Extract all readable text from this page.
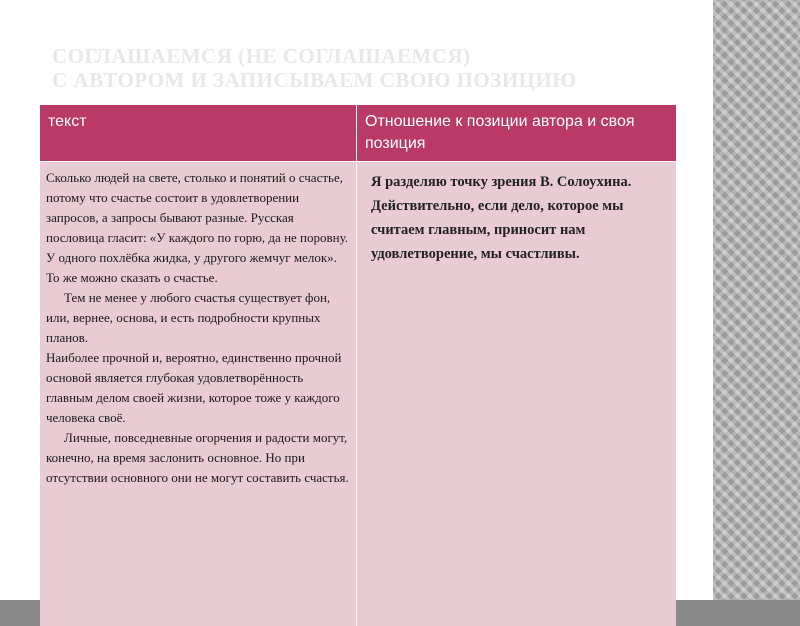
СОГЛАШАЕМСЯ (НЕ СОГЛАШАЕМСЯ)
С АВТОРОМ И ЗАПИСЫВАЕМ СВОЮ ПОЗИЦИЮ
текст	Отношение к позиции автора и своя позиция

Сколько людей на свете, столько и понятий о счастье, потому что счастье состоит в удовлетворении запросов, а запросы бывают разные. Русская пословица гласит: «У каждого по горю, да не поровну. У одного похлёбка жидка, у другого жемчуг мелок». То же можно сказать о счастье.

Тем не менее у любого счастья существует фон, или, вернее, основа, и есть подробности крупных планов.

Наиболее прочной и, вероятно, единственно прочной основой является глубокая удовлетворённость главным делом своей жизни, которое тоже у каждого человека своё.

Личные, повседневные огорчения и радости могут, конечно, на время заслонить основное. Но при отсутствии основного они не могут составить счастья.	Я разделяю точку зрения В. Солоухина. Действительно, если дело, которое мы считаем главным, приносит нам удовлетворение, мы счастливы.
